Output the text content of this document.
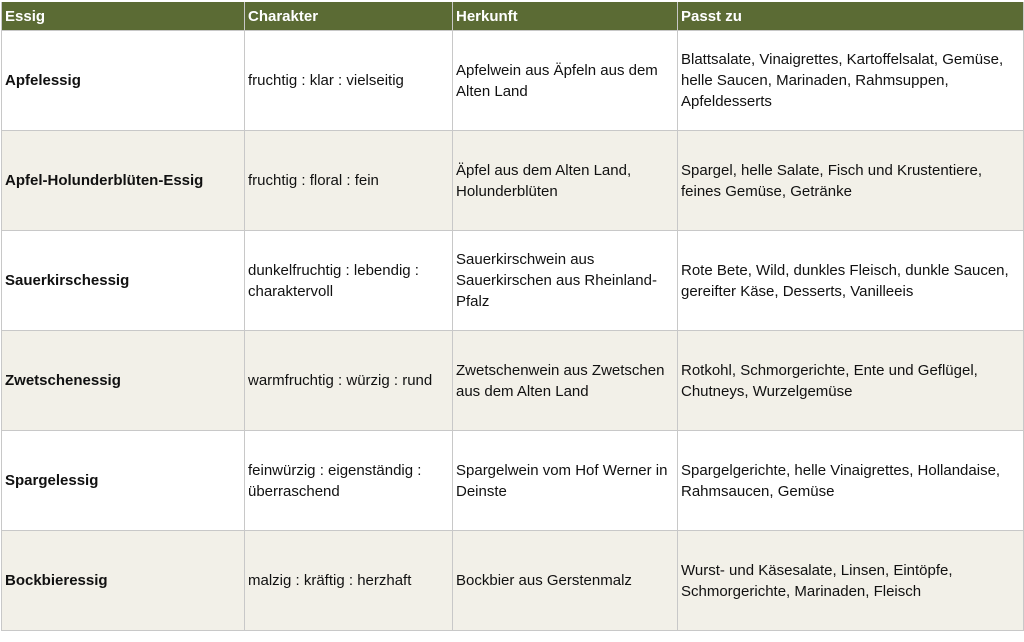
Essig	Charakter	Herkunft	Passt zu
Apfelessig	fruchtig : klar : vielseitig	Apfelwein aus Äpfeln aus dem Alten Land	Blattsalate, Vinaigrettes, Kartoffelsalat, Gemüse, helle Saucen, Marinaden, Rahmsuppen, Apfeldesserts
Apfel-Holunderblüten-Essig	fruchtig : floral : fein	Äpfel aus dem Alten Land, Holunderblüten	Spargel, helle Salate, Fisch und Krustentiere, feines Gemüse, Getränke
Sauerkirschessig	dunkelfruchtig : lebendig : charaktervoll	Sauerkirschwein aus Sauerkirschen aus Rheinland-Pfalz	Rote Bete, Wild, dunkles Fleisch, dunkle Saucen, gereifter Käse, Desserts, Vanilleeis
Zwetschenessig	warmfruchtig : würzig : rund	Zwetschenwein aus Zwetschen aus dem Alten Land	Rotkohl, Schmorgerichte, Ente und Geflügel, Chutneys, Wurzelgemüse
Spargelessig	feinwürzig : eigenständig : überraschend	Spargelwein vom Hof Werner in Deinste	Spargelgerichte, helle Vinaigrettes, Hollandaise, Rahmsaucen, Gemüse
Bockbieressig	malzig : kräftig : herzhaft	Bockbier aus Gerstenmalz	Wurst- und Käsesalate, Linsen, Eintöpfe, Schmorgerichte, Marinaden, Fleisch
